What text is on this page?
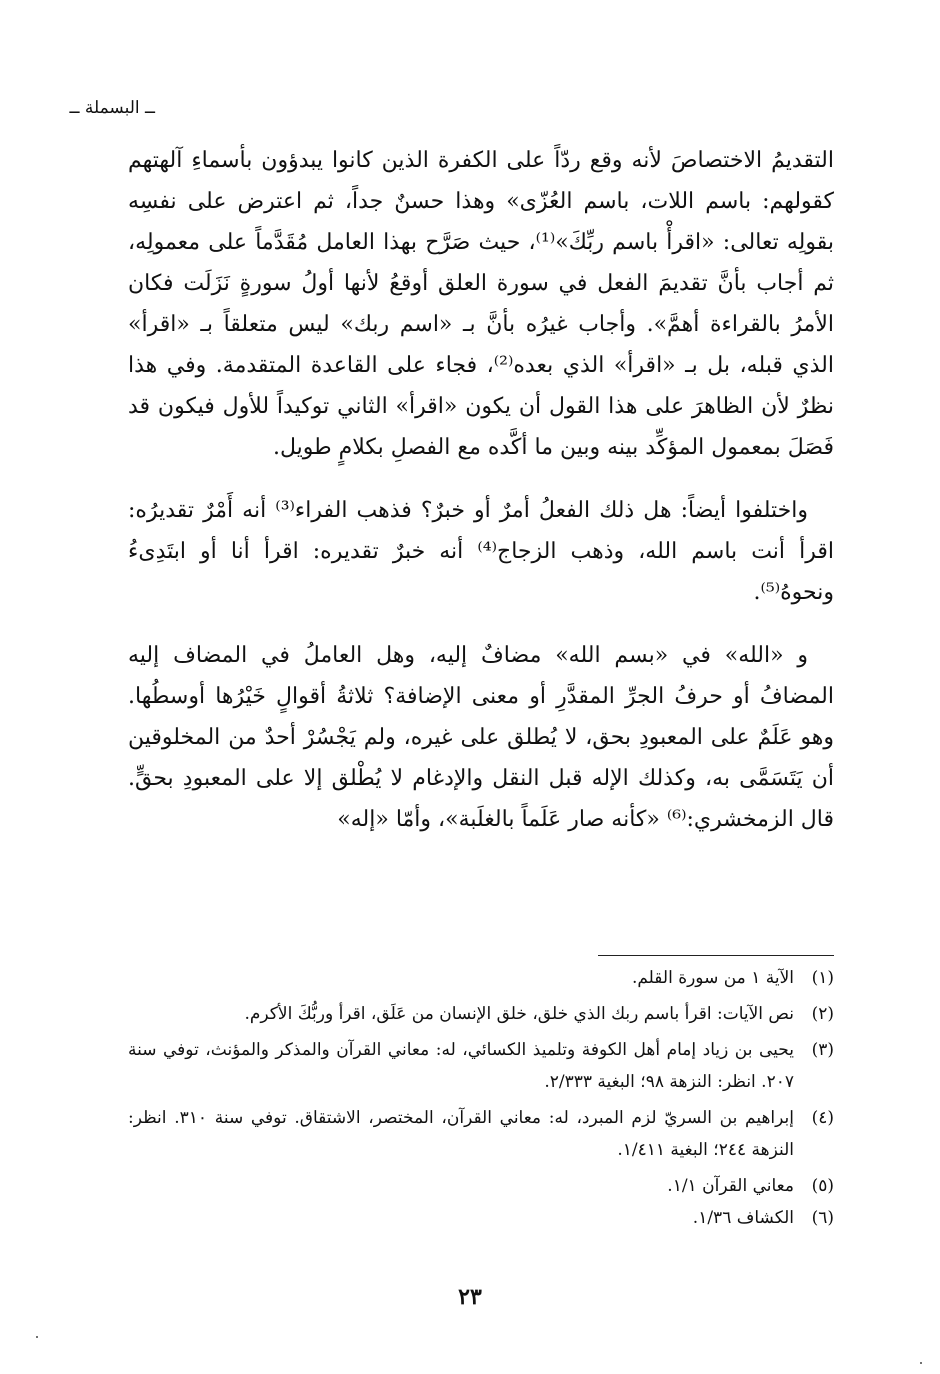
ــ البسملة ــ

التقديمُ الاختصاصَ لأنه وقع ردّاً على الكفرة الذين كانوا يبدؤون بأسماءِ آلهتهم كقولهم: باسم اللات، باسم العُزّى» وهذا حسنٌ جداً، ثم اعترض على نفسِه بقولِه تعالى: «اقرأْ باسم ربِّكَ»⁽¹⁾، حيث صَرَّح بهذا العامل مُقَدَّماً على معمولِه، ثم أجاب بأنَّ تقديمَ الفعل في سورة العلق أوقعُ لأنها أولُ سورةٍ نَزَلَت فكان الأمرُ بالقراءة أهمَّ». وأجاب غيرُه بأنَّ بـ «اسم ربك» ليس متعلقاً بـ «اقرأ» الذي قبله، بل بـ «اقرأ» الذي بعده⁽²⁾، فجاء على القاعدة المتقدمة. وفي هذا نظرٌ لأن الظاهرَ على هذا القول أن يكون «اقرأ» الثاني توكيداً للأول فيكون قد فَصَلَ بمعمول المؤكِّد بينه وبين ما أكَّده مع الفصلِ بكلامٍ طويل.

واختلفوا أيضاً: هل ذلك الفعلُ أمرٌ أو خبرٌ؟ فذهب الفراء⁽³⁾ أنه أَمْرٌ تقديرُه: اقرأ أنت باسم الله، وذهب الزجاج⁽⁴⁾ أنه خبرٌ تقديره: اقرأ أنا أو ابتَدِىءُ ونحوهُ⁽⁵⁾.

و «الله» في «بسم الله» مضافٌ إليه، وهل العاملُ في المضاف إليه المضافُ أو حرفُ الجرِّ المقدَّرِ أو معنى الإضافة؟ ثلاثةُ أقوالٍ خَيْرُها أوسطُها. وهو عَلَمٌ على المعبودِ بحق، لا يُطلق على غيره، ولم يَجْسُرْ أحدٌ من المخلوقين أن يَتَسَمَّى به، وكذلك الإله قبل النقل والإدغام لا يُطْلق إلا على المعبودِ بحقٍّ. قال الزمخشري:⁽⁶⁾ «كأنه صار عَلَماً بالغلَبة»، وأمّا «إله»

(١)
الآية ١ من سورة القلم.
(٢)
نص الآيات: اقرأ باسم ربك الذي خلق، خلق الإنسان من عَلَق، اقرأ وربُّكَ الأكرم.
(٣)
يحيى بن زياد إمام أهل الكوفة وتلميذ الكسائي، له: معاني القرآن والمذكر والمؤنث، توفي سنة ٢٠٧. انظر: النزهة ٩٨؛ البغية ٢/٣٣٣.
(٤)
إبراهيم بن السريّ لزم المبرد، له: معاني القرآن، المختصر، الاشتقاق. توفي سنة ٣١٠. انظر: النزهة ٢٤٤؛ البغية ١/٤١١.
(٥)
معاني القرآن ١/١.
(٦)
الكشاف ١/٣٦.
٢٣
